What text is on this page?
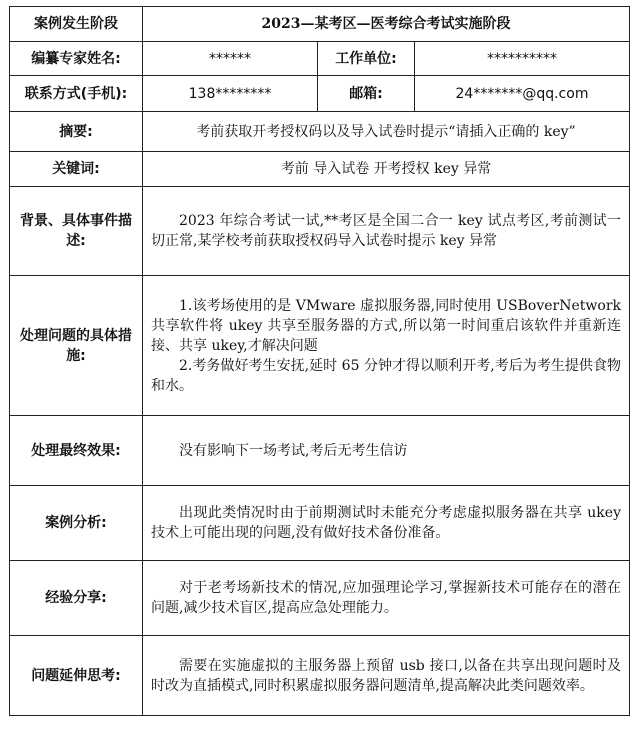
案例发生阶段	2023—某考区—医考综合考试实施阶段		
编纂专家姓名:	******	工作单位:	**********
联系方式(手机):	138********	邮箱:	24*******@qq.com
摘要:	考前获取开考授权码以及导入试卷时提示“请插入正确的 key”		
关键词:	考前 导入试卷 开考授权 key 异常		
背景、具体事件描述:	2023 年综合考试一试,**考区是全国二合一 key 试点考区,考前测试一切正常,某学校考前获取授权码导入试卷时提示 key 异常		

处理问题的具体措施:	1.该考场使用的是 VMware 虚拟服务器,同时使用 USBoverNetwork 共享软件将 ukey 共享至服务器的方式,所以第一时间重启该软件并重新连接、共享 ukey,才解决问题

2.考务做好考生安抚,延时 65 分钟才得以顺利开考,考后为考生提供食物和水。		

处理最终效果:	没有影响下一场考试,考后无考生信访		

案例分析:	出现此类情况时由于前期测试时未能充分考虑虚拟服务器在共享 ukey 技术上可能出现的问题,没有做好技术备份准备。		

经验分享:	对于老考场新技术的情况,应加强理论学习,掌握新技术可能存在的潜在问题,减少技术盲区,提高应急处理能力。		

问题延伸思考:	需要在实施虚拟的主服务器上预留 usb 接口,以备在共享出现问题时及时改为直插模式,同时积累虚拟服务器问题清单,提高解决此类问题效率。		
